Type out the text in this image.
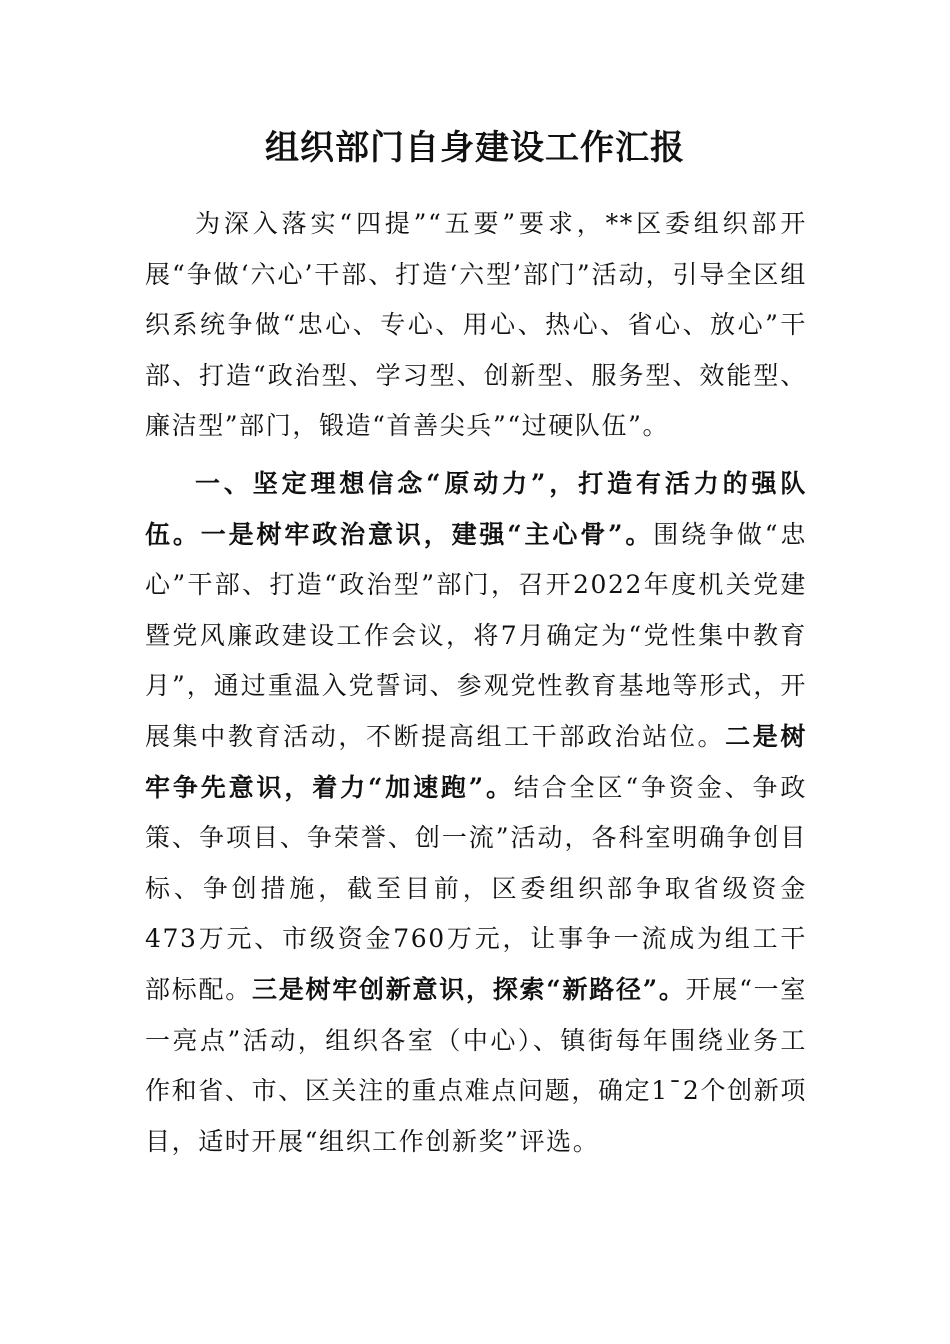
组织部门自身建设工作汇报

为深入落实“四提”“五要”要求，**区委组织部开展“争做‘六心’干部、打造‘六型’部门”活动，引导全区组织系统争做“忠心、专心、用心、热心、省心、放心”干部、打造“政治型、学习型、创新型、服务型、效能型、廉洁型”部门，锻造“首善尖兵”“过硬队伍”。

一、坚定理想信念“原动力”，打造有活力的强队伍。一是树牢政治意识，建强“主心骨”。围绕争做“忠心”干部、打造“政治型”部门，召开2022年度机关党建暨党风廉政建设工作会议，将7月确定为“党性集中教育月”，通过重温入党誓词、参观党性教育基地等形式，开展集中教育活动，不断提高组工干部政治站位。二是树牢争先意识，着力“加速跑”。结合全区“争资金、争政策、争项目、争荣誉、创一流”活动，各科室明确争创目标、争创措施，截至目前，区委组织部争取省级资金473万元、市级资金760万元，让事争一流成为组工干部标配。三是树牢创新意识，探索“新路径”。开展“一室一亮点”活动，组织各室（中心）、镇街每年围绕业务工作和省、市、区关注的重点难点问题，确定1¯2个创新项目，适时开展“组织工作创新奖”评选。
